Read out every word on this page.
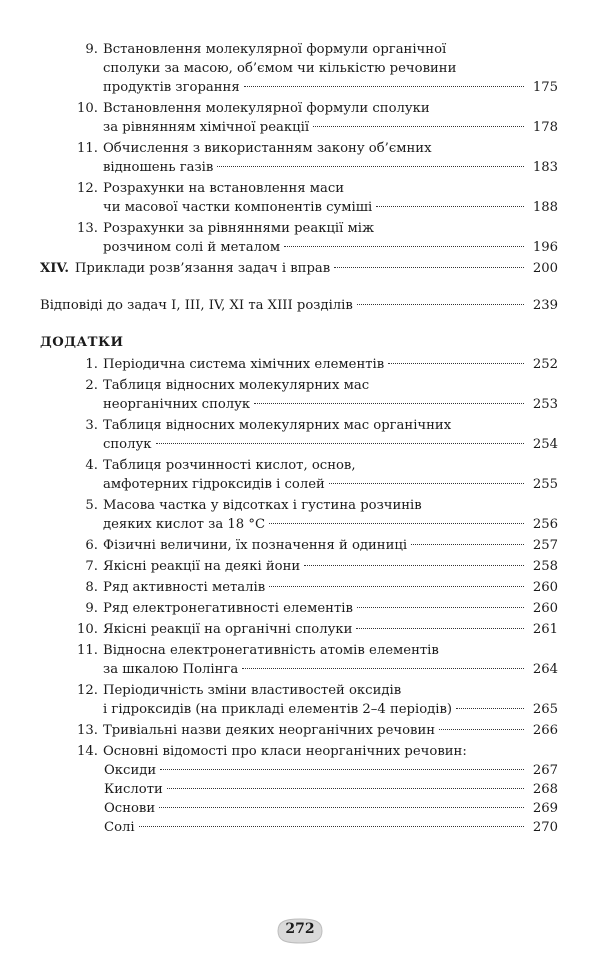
9. Встановлення молекулярної формули органічної
сполуки за масою, об’ємом чи кількістю речовини
продуктів згорання	175
10. Встановлення молекулярної формули сполуки
за рівнянням хімічної реакції	178
11. Обчислення з використанням закону об’ємних
відношень газів	183
12. Розрахунки на встановлення маси
чи масової частки компонентів суміші	188
13. Розрахунки за рівняннями реакції між
розчином солі й металом	196
XIV. Приклади розв’язання задач і вправ	200
Відповіді до задач I, III, IV, XI та XIII розділів	239
ДОДАТКИ
1. Періодична система хімічних елементів	252
2. Таблиця відносних молекулярних мас
неорганічних сполук	253
3. Таблиця відносних молекулярних мас органічних
сполук	254
4. Таблиця розчинності кислот, основ,
амфотерних гідроксидів і солей	255
5. Масова частка у відсотках і густина розчинів
деяких кислот за 18 °С	256
6. Фізичні величини, їх позначення й одиниці	257
7. Якісні реакції на деякі йони	258
8. Ряд активності металів	260
9. Ряд електронегативності елементів	260
10. Якісні реакції на органічні сполуки	261
11. Відносна електронегативність атомів елементів
за шкалою Полінга	264
12. Періодичність зміни властивостей оксидів
і гідроксидів (на прикладі елементів 2–4 періодів)	265
13. Тривіальні назви деяких неорганічних речовин	266
14. Основні відомості про класи неорганічних речовин:
Оксиди	267
Кислоти	268
Основи	269
Солі	270
272
